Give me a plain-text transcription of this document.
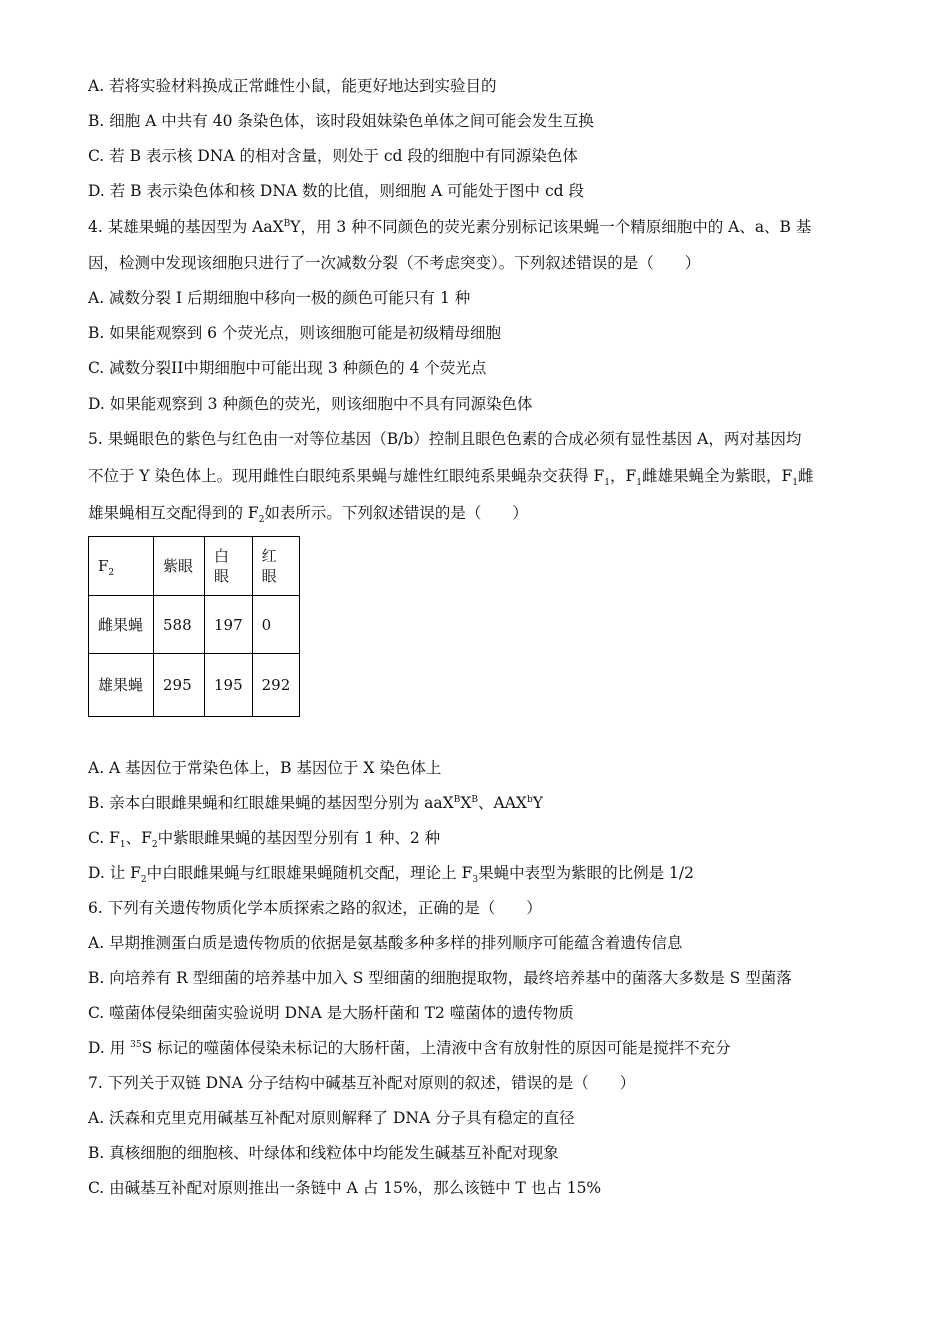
A. 若将实验材料换成正常雌性小鼠，能更好地达到实验目的
B. 细胞 A 中共有 40 条染色体，该时段姐妹染色单体之间可能会发生互换
C. 若 B 表示核 DNA 的相对含量，则处于 cd 段的细胞中有同源染色体
D. 若 B 表示染色体和核 DNA 数的比值，则细胞 A 可能处于图中 cd 段
4. 某雄果蝇的基因型为 AaX$^B$Y，用 3 种不同颜色的荧光素分别标记该果蝇一个精原细胞中的 A、a、B 基
因，检测中发现该细胞只进行了一次减数分裂（不考虑突变）。下列叙述错误的是（　　）
A. 减数分裂 I 后期细胞中移向一极的颜色可能只有 1 种
B. 如果能观察到 6 个荧光点，则该细胞可能是初级精母细胞
C. 减数分裂II中期细胞中可能出现 3 种颜色的 4 个荧光点
D. 如果能观察到 3 种颜色的荧光，则该细胞中不具有同源染色体
5. 果蝇眼色的紫色与红色由一对等位基因（B/b）控制且眼色色素的合成必须有显性基因 A，两对基因均
不位于 Y 染色体上。现用雌性白眼纯系果蝇与雄性红眼纯系果蝇杂交获得 $F_1$，$F_1$雌雄果蝇全为紫眼，$F_1$雌
雄果蝇相互交配得到的 $F_2$如表所示。下列叙述错误的是（　　）
$F_2$	紫眼	白眼	红眼
雌果蝇	588	197	0
雄果蝇	295	195	292
A. A 基因位于常染色体上，B 基因位于 X 染色体上
B. 亲本白眼雌果蝇和红眼雄果蝇的基因型分别为 $aaX^BX^B$、AAX$^b$Y
C. $F_1$、$F_2$中紫眼雌果蝇的基因型分别有 1 种、2 种
D. 让 $F_2$中白眼雌果蝇与红眼雄果蝇随机交配，理论上 $F_3$果蝇中表型为紫眼的比例是 1/2
6. 下列有关遗传物质化学本质探索之路的叙述，正确的是（　　）
A. 早期推测蛋白质是遗传物质的依据是氨基酸多种多样的排列顺序可能蕴含着遗传信息
B. 向培养有 R 型细菌的培养基中加入 S 型细菌的细胞提取物，最终培养基中的菌落大多数是 S 型菌落
C. 噬菌体侵染细菌实验说明 DNA 是大肠杆菌和 T2 噬菌体的遗传物质
D. 用 $^{35}$S 标记的噬菌体侵染未标记的大肠杆菌，上清液中含有放射性的原因可能是搅拌不充分
7. 下列关于双链 DNA 分子结构中碱基互补配对原则的叙述，错误的是（　　）
A. 沃森和克里克用碱基互补配对原则解释了 DNA 分子具有稳定的直径
B. 真核细胞的细胞核、叶绿体和线粒体中均能发生碱基互补配对现象
C. 由碱基互补配对原则推出一条链中 A 占 15%，那么该链中 T 也占 15%
